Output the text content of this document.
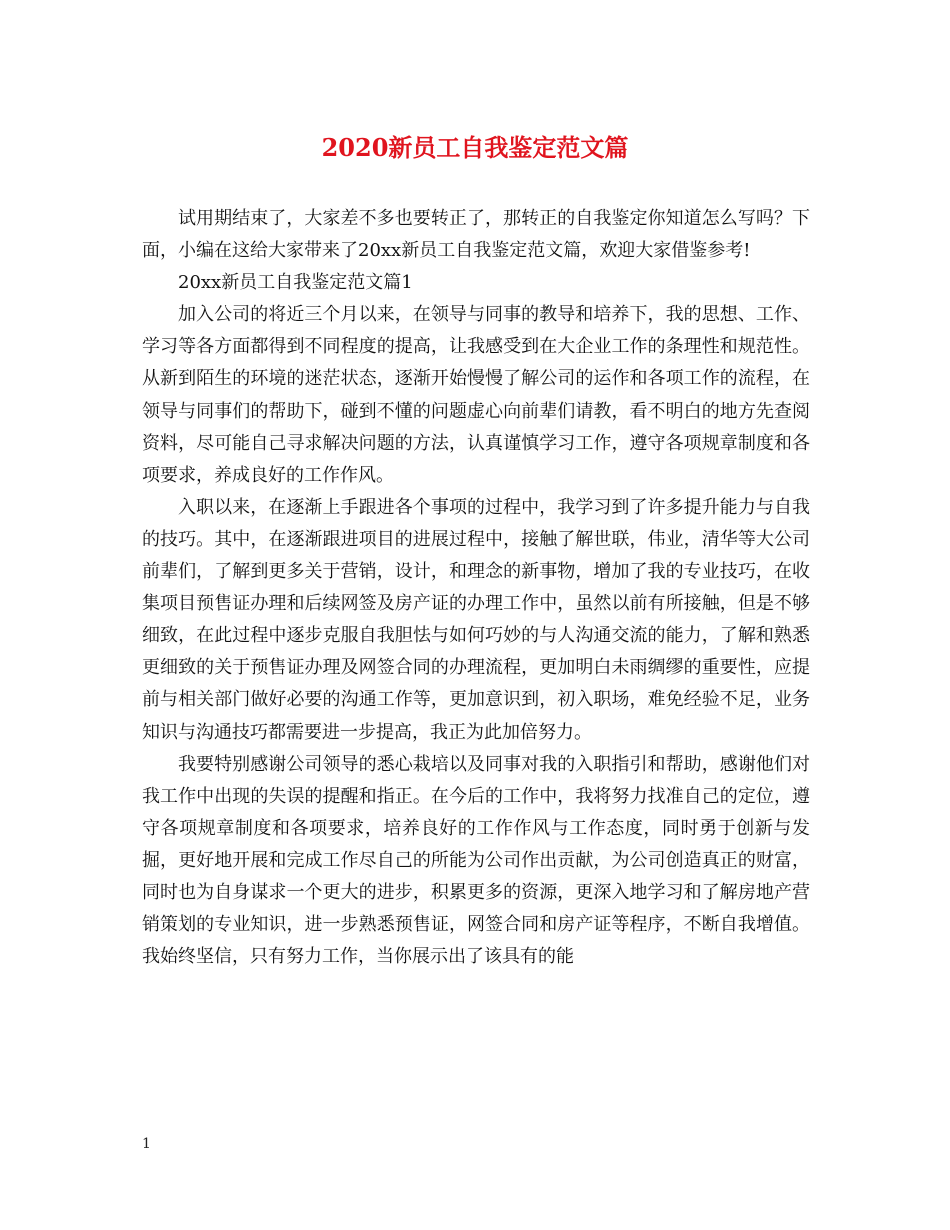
2020新员工自我鉴定范文篇

试用期结束了，大家差不多也要转正了，那转正的自我鉴定你知道怎么写吗？下面，小编在这给大家带来了20xx新员工自我鉴定范文篇，欢迎大家借鉴参考!

20xx新员工自我鉴定范文篇1

加入公司的将近三个月以来，在领导与同事的教导和培养下，我的思想、工作、学习等各方面都得到不同程度的提高，让我感受到在大企业工作的条理性和规范性。从新到陌生的环境的迷茫状态，逐渐开始慢慢了解公司的运作和各项工作的流程，在领导与同事们的帮助下，碰到不懂的问题虚心向前辈们请教，看不明白的地方先查阅资料，尽可能自己寻求解决问题的方法，认真谨慎学习工作，遵守各项规章制度和各项要求，养成良好的工作作风。

入职以来，在逐渐上手跟进各个事项的过程中，我学习到了许多提升能力与自我的技巧。其中，在逐渐跟进项目的进展过程中，接触了解世联，伟业，清华等大公司前辈们，了解到更多关于营销，设计，和理念的新事物，增加了我的专业技巧，在收集项目预售证办理和后续网签及房产证的办理工作中，虽然以前有所接触，但是不够细致，在此过程中逐步克服自我胆怯与如何巧妙的与人沟通交流的能力，了解和熟悉更细致的关于预售证办理及网签合同的办理流程，更加明白未雨绸缪的重要性，应提前与相关部门做好必要的沟通工作等，更加意识到，初入职场，难免经验不足，业务知识与沟通技巧都需要进一步提高，我正为此加倍努力。

我要特别感谢公司领导的悉心栽培以及同事对我的入职指引和帮助，感谢他们对我工作中出现的失误的提醒和指正。在今后的工作中，我将努力找准自己的定位，遵守各项规章制度和各项要求，培养良好的工作作风与工作态度，同时勇于创新与发掘，更好地开展和完成工作尽自己的所能为公司作出贡献，为公司创造真正的财富，同时也为自身谋求一个更大的进步，积累更多的资源，更深入地学习和了解房地产营销策划的专业知识，进一步熟悉预售证，网签合同和房产证等程序，不断自我增值。我始终坚信，只有努力工作，当你展示出了该具有的能

1
